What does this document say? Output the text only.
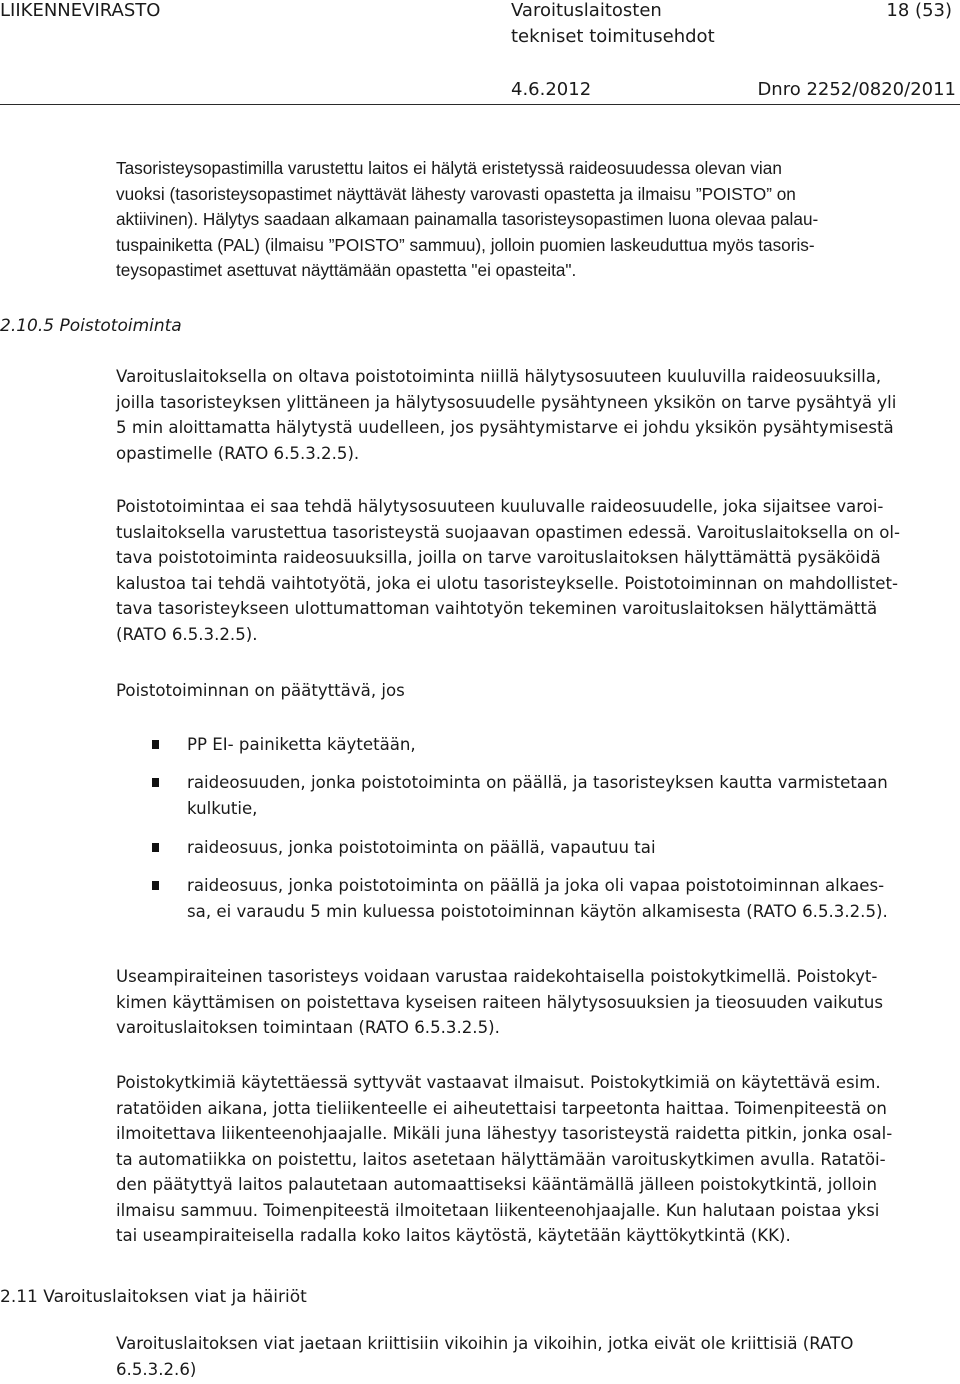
LIIKENNEVIRASTO	Varoituslaitosten
tekniset toimitusehdot
18 (53)
4.6.2012	Dnro 2252/0820/2011
Tasoristeysopastimilla varustettu laitos ei hälytä eristetyssä raideosuudessa olevan vian
vuoksi (tasoristeysopastimet näyttävät lähesty varovasti opastetta ja ilmaisu ”POISTO” on
aktiivinen). Hälytys saadaan alkamaan painamalla tasoristeysopastimen luona olevaa palau-
tuspainiketta (PAL) (ilmaisu ”POISTO” sammuu), jolloin puomien laskeuduttua myös tasoris-
teysopastimet asettuvat näyttämään opastetta "ei opasteita".
2.10.5 Poistotoiminta
Varoituslaitoksella on oltava poistotoiminta niillä hälytysosuuteen kuuluvilla raideosuuksilla,
joilla tasoristeyksen ylittäneen ja hälytysosuudelle pysähtyneen yksikön on tarve pysähtyä yli
5 min aloittamatta hälytystä uudelleen, jos pysähtymistarve ei johdu yksikön pysähtymisestä
opastimelle (RATO 6.5.3.2.5).
Poistotoimintaa ei saa tehdä hälytysosuuteen kuuluvalle raideosuudelle, joka sijaitsee varoi-
tuslaitoksella varustettua tasoristeystä suojaavan opastimen edessä. Varoituslaitoksella on ol-
tava poistotoiminta raideosuuksilla, joilla on tarve varoituslaitoksen hälyttämättä pysäköidä
kalustoa tai tehdä vaihtotyötä, joka ei ulotu tasoristeykselle. Poistotoiminnan on mahdollistet-
tava tasoristeykseen ulottumattoman vaihtotyön tekeminen varoituslaitoksen hälyttämättä
(RATO 6.5.3.2.5).
Poistotoiminnan on päätyttävä, jos
PP EI- painiketta käytetään,
raideosuuden, jonka poistotoiminta on päällä, ja tasoristeyksen kautta varmistetaan
kulkutie,
raideosuus, jonka poistotoiminta on päällä, vapautuu tai
raideosuus, jonka poistotoiminta on päällä ja joka oli vapaa poistotoiminnan alkaes-
sa, ei varaudu 5 min kuluessa poistotoiminnan käytön alkamisesta (RATO 6.5.3.2.5).
Useampiraiteinen tasoristeys voidaan varustaa raidekohtaisella poistokytkimellä. Poistokyt-
kimen käyttämisen on poistettava kyseisen raiteen hälytysosuuksien ja tieosuuden vaikutus
varoituslaitoksen toimintaan (RATO 6.5.3.2.5).
Poistokytkimiä käytettäessä syttyvät vastaavat ilmaisut. Poistokytkimiä on käytettävä esim.
ratatöiden aikana, jotta tieliikenteelle ei aiheutettaisi tarpeetonta haittaa. Toimenpiteestä on
ilmoitettava liikenteenohjaajalle. Mikäli juna lähestyy tasoristeystä raidetta pitkin, jonka osal-
ta automatiikka on poistettu, laitos asetetaan hälyttämään varoituskytkimen avulla. Ratatöi-
den päätyttyä laitos palautetaan automaattiseksi kääntämällä jälleen poistokytkintä, jolloin
ilmaisu sammuu. Toimenpiteestä ilmoitetaan liikenteenohjaajalle. Kun halutaan poistaa yksi
tai useampiraiteisella radalla koko laitos käytöstä, käytetään käyttökytkintä (KK).
2.11 Varoituslaitoksen viat ja häiriöt
Varoituslaitoksen viat jaetaan kriittisiin vikoihin ja vikoihin, jotka eivät ole kriittisiä (RATO
6.5.3.2.6)
